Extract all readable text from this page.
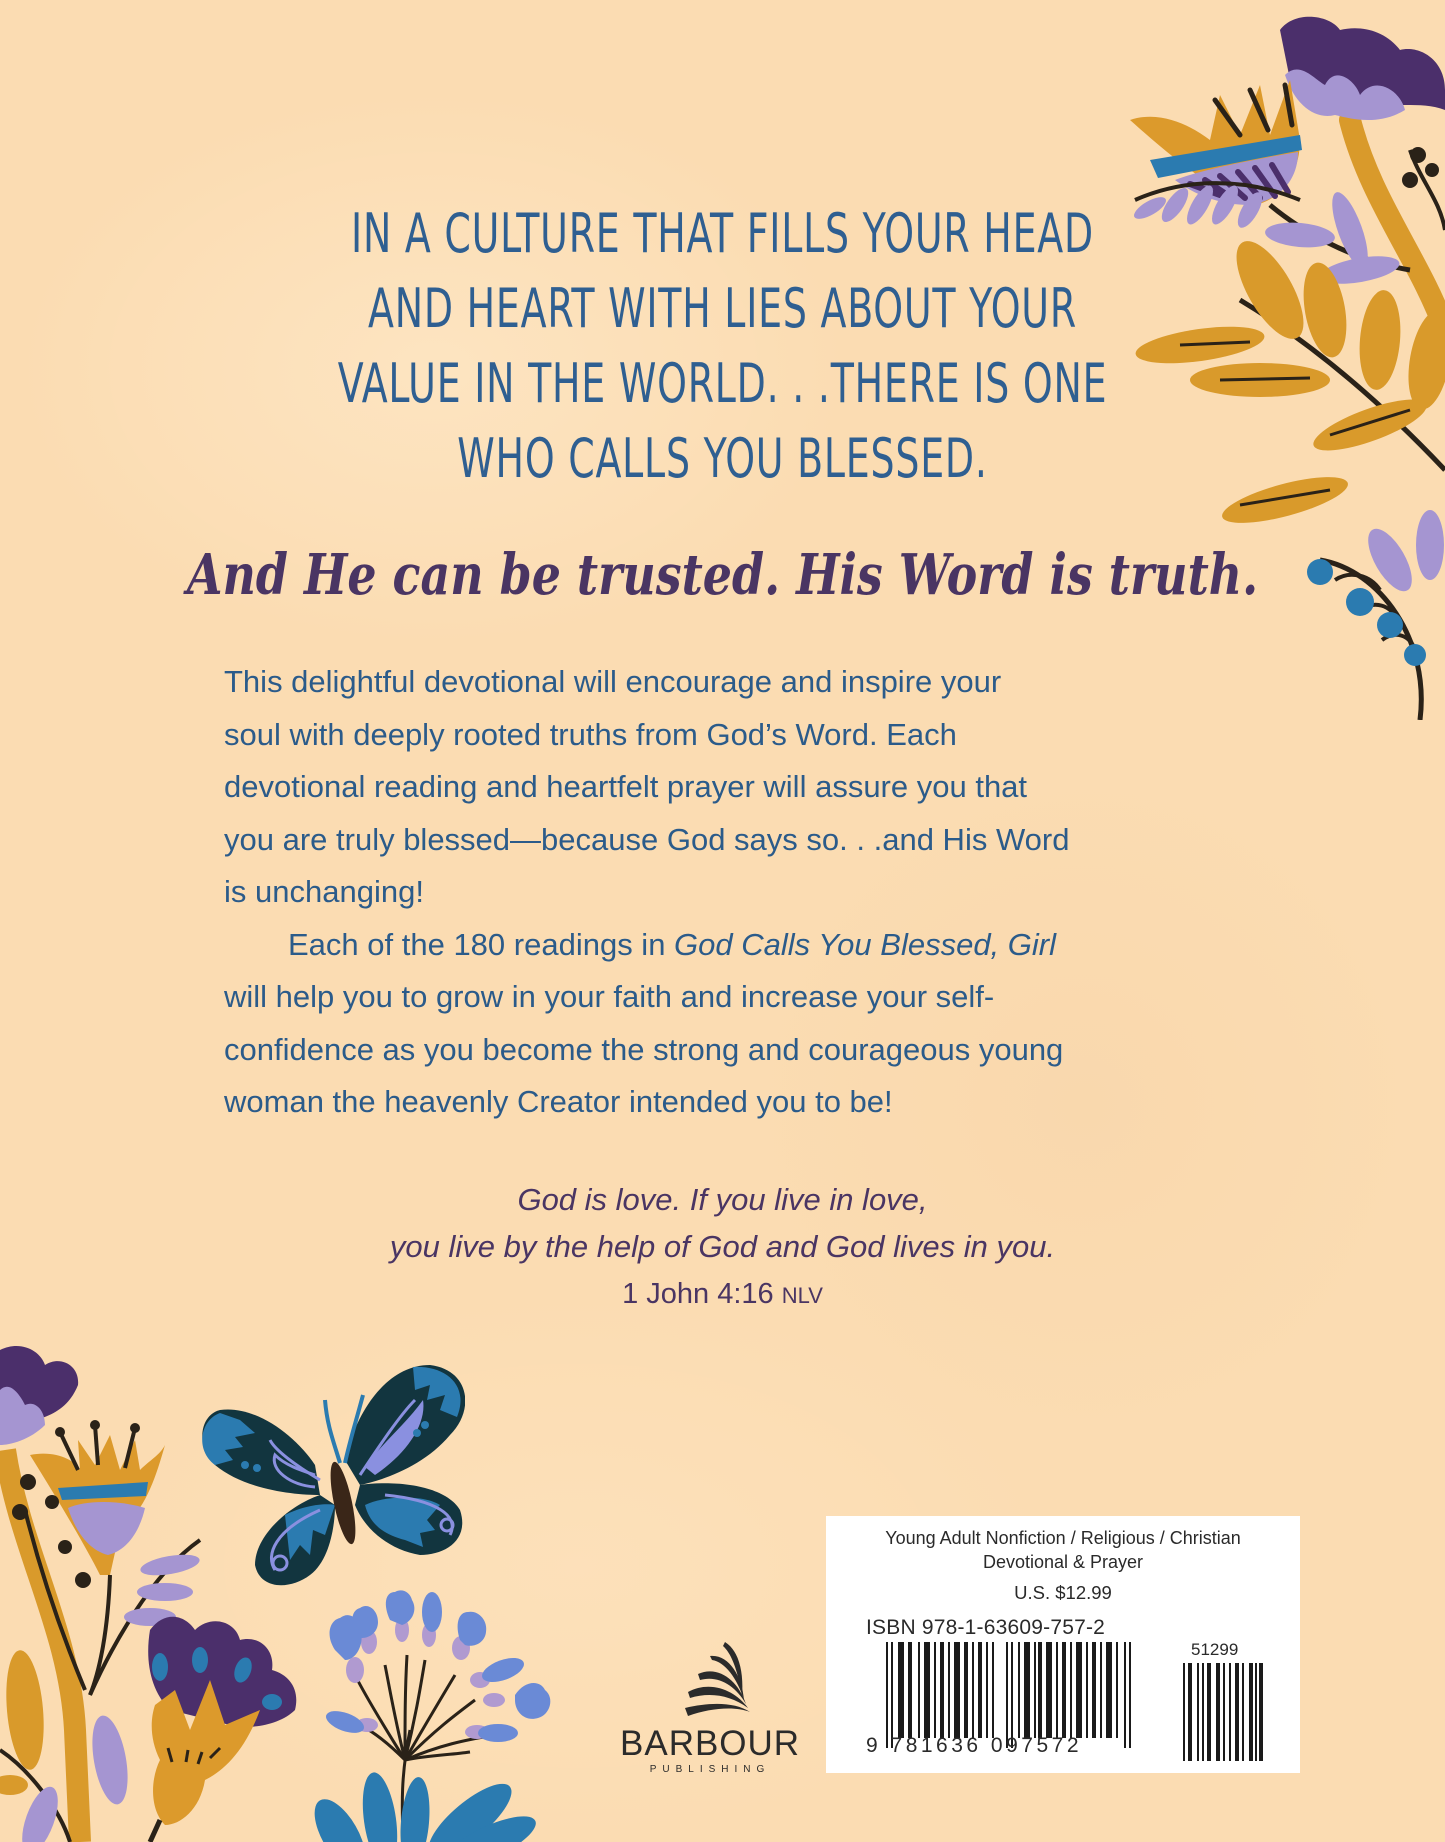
IN A CULTURE THAT FILLS YOUR HEAD
AND HEART WITH LIES ABOUT YOUR
VALUE IN THE WORLD. . .THERE IS ONE
WHO CALLS YOU BLESSED.
And He can be trusted. His Word is truth.

This delightful devotional will encourage and inspire your
soul with deeply rooted truths from God’s Word. Each
devotional reading and heartfelt prayer will assure you that
you are truly blessed—because God says so. . .and His Word
is unchanging!

Each of the 180 readings in God Calls You Blessed, Girl
will help you to grow in your faith and increase your self-
confidence as you become the strong and courageous young
woman the heavenly Creator intended you to be!

God is love. If you live in love,
you live by the help of God and God lives in you.
1 John 4:16 NLV
BARBOUR
PUBLISHING
Young Adult Nonfiction / Religious / Christian
Devotional & Prayer
U.S. $12.99
ISBN 978-1-63609-757-2
51299
9 781636 097572
